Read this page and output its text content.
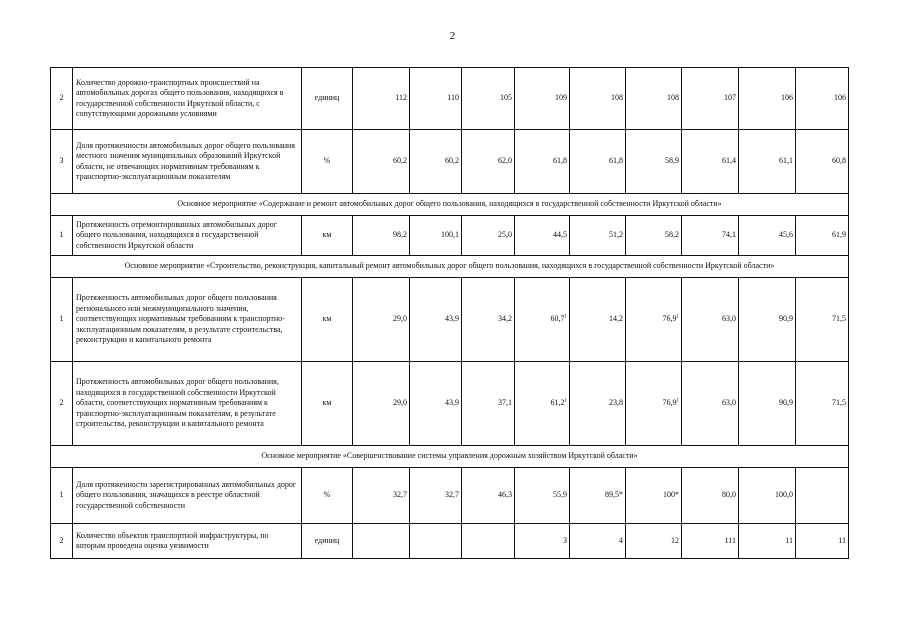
2
2	Количество дорожно-транспортных происшествий на автомобильных дорогах общего пользования, находящихся в государственной собственности Иркутской области, с сопутствующими дорожными условиями	единиц	112	110	105	109	108	108	107	106	106
3	Доля протяженности автомобильных дорог общего пользования местного значения муниципальных образований Иркутской области, не отвечающих нормативным требованиям к транспортно-эксплуатационным показателям	%	60,2	60,2	62,0	61,8	61,8	58,9	61,4	61,1	60,8
Основное мероприятие «Содержание и ремонт автомобильных дорог общего пользования, находящихся в государственной собственности Иркутской области»											
1	Протяженность отремонтированных автомобильных дорог общего пользования, находящихся в государственной собственности Иркутской области	км	98,2	100,1	25,0	44,5	51,2	58,2	74,1	45,6	61,9
Основное мероприятие «Строительство, реконструкция, капитальный ремонт автомобильных дорог общего пользования, находящихся в государственной собственности Иркутской области»											
1	Протяженность автомобильных дорог общего пользования регионального или межмуниципального значения, соответствующих нормативным требованиям к транспортно-эксплуатационным показателям, в результате строительства, реконструкции и капитального ремонта	км	29,0	43,9	34,2	60,7$^1$	14,2	76,9$^1$	63,0	90,9	71,5
2	Протяженность автомобильных дорог общего пользования, находящихся в государственной собственности Иркутской области, соответствующих нормативным требованиям к транспортно-эксплуатационным показателям, в результате строительства, реконструкции и капитального ремонта	км	29,0	43,9	37,1	61,2$^1$	23,8	76,9$^1$	63,0	90,9	71,5
Основное мероприятие «Совершенствование системы управления дорожным хозяйством Иркутской области»											
1	Доля протяженности зарегистрированных автомобильных дорог общего пользования, значащихся в реестре областной государственной собственности	%	32,7	32,7	46,3	55,9	89,5*	100*	80,0	100,0	
2	Количество объектов транспортной инфраструктуры, по которым проведена оценка уязвимости	единиц				3	4	12	111	11	11
